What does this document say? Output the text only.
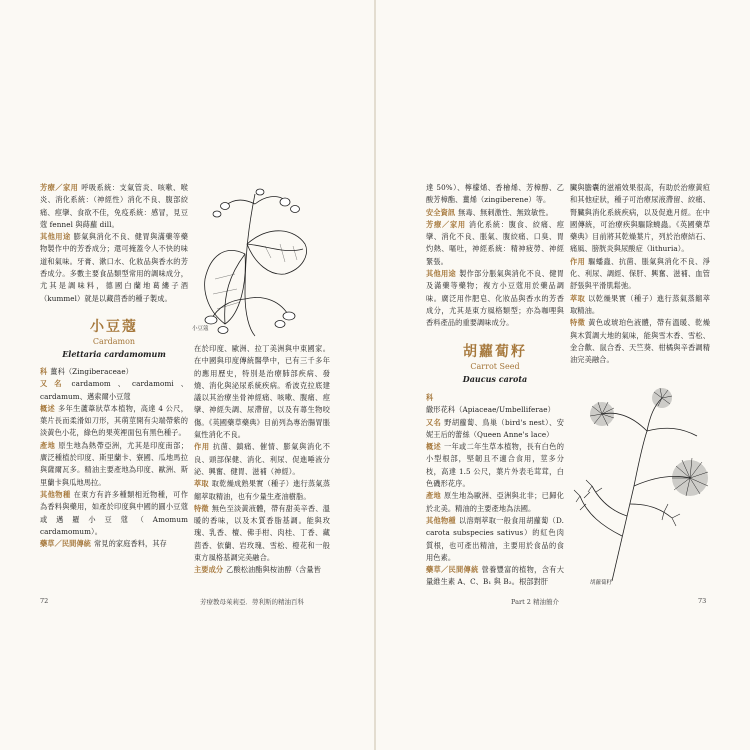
芳療／家用 呼吸系統：支氣管炎、咳嗽、喉炎、消化系統：（神經性）消化不良、腹部絞痛、痙攣、食欲不佳，免疫系統：感冒，見豆蔻 fennel 與蒔蘿 dill。

其他用途 膨氣與消化不良、健胃與滿藥等藥物製作中的芳香成分；還可掩蓋令人不快的味道和氣味。牙膏、漱口水、化妝品與香水的芳香成分。多數主要食品類型常用的調味成分，尤其是調味料，德國白蘭地葛縷子酒（kummel）就是以藏茴香的種子製成。

小豆蔻
小豆蔻
Cardamon
Elettaria cardamomum

科 薑科（Zingiberaceae）

又名 cardamom、cardamomi、cardamum、邁索爾小豆蔻

概述 多年生蘆葦狀草本植物，高達 4 公尺，葉片長而柔滑如刀形，其萌莖開有尖端帶紫的淡黃色小花，綠色的果莢裡面包有黑色種子。

產地 原生地為熱帶亞洲，尤其是印度南部；廣泛種植於印度、斯里蘭卡、寮國、瓜地馬拉與薩爾瓦多。精油主要產地為印度、歐洲、斯里蘭卡與瓜地馬拉。

其他物種 在東方有許多種類相近物種，可作為香料與藥用，如產於印度與中國的圓小豆蔻或邁羅小豆蔻（Amomum cardamomum）。

藥草／民間傳統 常見的家庭香料，其存

在於印度、歐洲、拉丁美洲與中東國家。在中國與印度傳統醫學中，已有三千多年的應用歷史，特別是治療肺部疾病、發燒、消化與泌尿系統疾病。希波克拉底建議以其治療坐骨神經痛、咳嗽、腹痛、痙攣、神經失調、尿滯留，以及有蕁生物咬傷。《英國藥草藥典》目前列為專治腸胃脹氣性消化不良。

作用 抗菌、鎮痛、催情、膨氣與消化不良、頭部保健、消化、利尿、促進唾液分泌、興奮、健胃、滋補（神經）。

萃取 取乾燥成熟果實（種子）進行蒸氣蒸餾萃取精油，也有少量生產油樹脂。

特徵 無色至淡黃液體，帶有甜美辛香、溫暖的香味，以及木質香脂基調。能與玫瑰、乳香、檀、佛手柑、肉桂、丁香、藏茴香、依蘭、岩玫瑰、雪松、橙花和一般東方風格基調完美融合。

主要成分 乙酸松油酯與桉油醇（含量皆

72	芳療教母茱莉亞．勞利斯的精油百科

達 50%）、檸檬烯、香檜烯、芳樟醇、乙酸芳樟酯、薑烯（zingiberene）等。

安全資訊 無毒、無刺激性、無致敏性。

芳療／家用 消化系統：腹食、絞痛、痙攣、消化不良、脹氣、腹絞痛、口臭、胃灼熱、嘔吐，神經系統：精神疲勞、神經緊張。

其他用途 製作部分脹氣與消化不良、健胃及滿藥等藥物；複方小豆蔻用於藥品調味。廣泛用作肥皂、化妝品與香水的芳香成分，尤其是東方風格類型；亦為咖哩與香料產品的重要調味成分。

胡蘿蔔籽
Carrot Seed
Daucus carota

科繖形花科（Apiaceae/Umbelliferae）

又名 野胡蘿蔔、鳥巢（bird's nest）、安妮王后的蕾絲（Queen Anne's lace）

概述 一年或二年生草本植物，長有白色的小型根部，堅韌且不適合食用，莖多分枝，高達 1.5 公尺，葉片外表毛茸茸，白色磯形花序。

產地 原生地為歐洲、亞洲與北非；已歸化於北美。精油的主要產地為法國。

其他物種 以溶劑萃取一般食用胡蘿蔔（D. carota subspecies sativus）的紅色肉質根，也可產出精油，主要用於食品的食用色素。

藥草／民間傳統 營養豐富的植物，含有大量維生素 A、C、B₁ 與 B₂。根部對肝

臟與膽囊的滋補效果很高，有助於治療黃疸和其他症狀，種子可治療尿液滯留、絞痛、腎臟與消化系統疾病，以及促進月經。在中國傳統，可治療疾與驅除蟯蟲。《英國藥草藥典》目前將其乾燥葉片，列於治療結石、痛風、膀胱炎與尿酸症（lithuria）。

作用 驅蟠蟲、抗菌、脹氣與消化不良、淨化、利尿、調經、保肝、興奮、滋補、血管舒張與平滑肌鬆弛。

萃取 以乾燥果實（種子）進行蒸氣蒸餾萃取精油。

特徵 黃色或琥珀色液體，帶有溫暖、乾燥與木質調大地的氣味，能與雪木香、雪松、金合歡、鼠合香、天竺葵、柑橘與辛香調精油完美融合。

胡蘿蔔籽
Part 2 精油簡介	73
